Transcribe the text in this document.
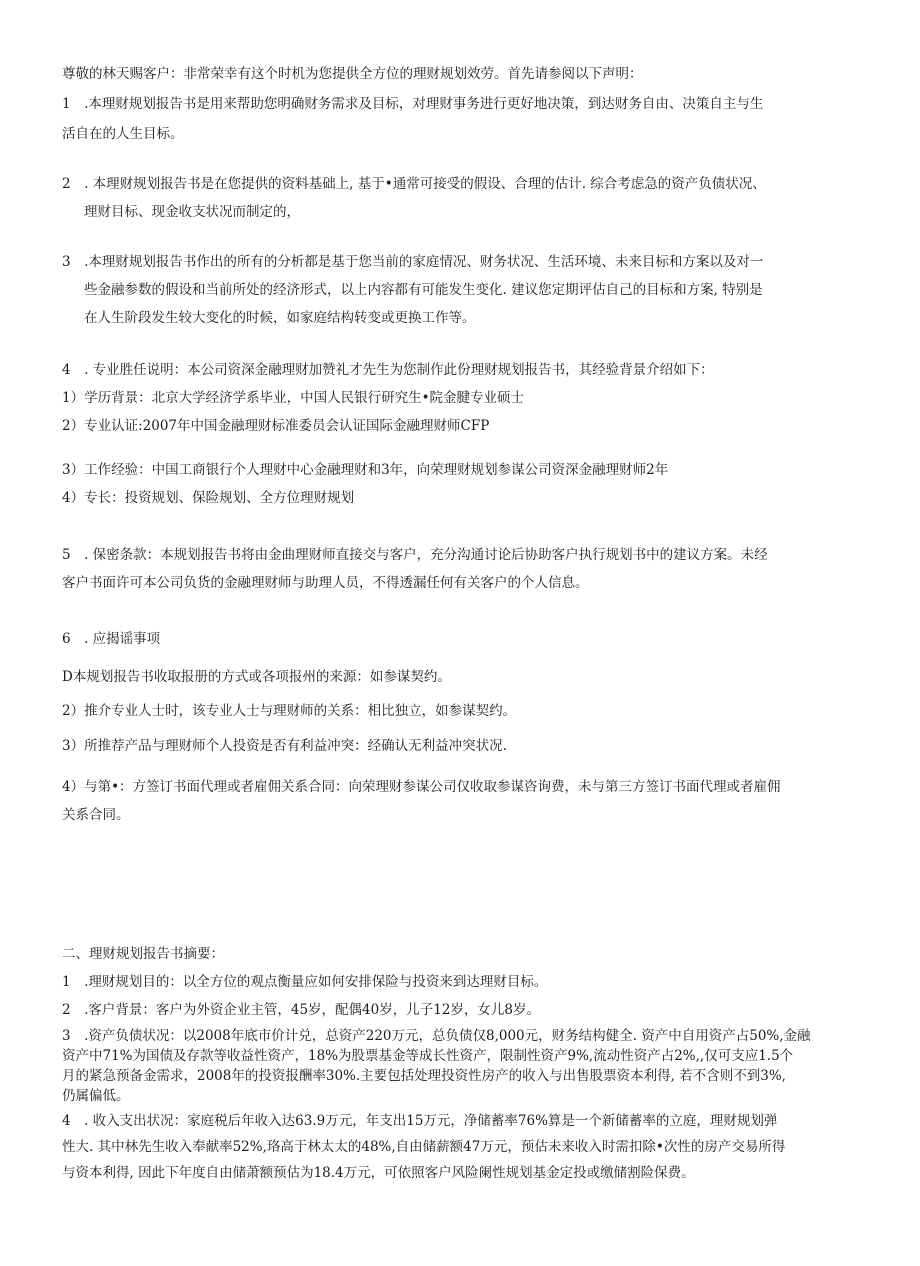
尊敬的林天赐客户：非常荣幸有这个时机为您提供全方位的理财规划效劳。首先请参阅以下声明：
1　.本理财规划报告书是用来帮助您明确财务需求及目标，对理财事务进行更好地决策，到达财务自由、决策自主与生
活自在的人生目标。
2　. 本理财规划报告书是在您提供的资料基础上, 基于•通常可接受的假设、合理的估计. 综合考虑急的资产负债状况、
理财目标、现金收支状况而制定的，
3　.本理财规划报告书作出的所有的分析都是基于您当前的家庭情况、财务状况、生活环境、未来目标和方案以及对一
些金融参数的假设和当前所处的经济形式，以上内容都有可能发生变化. 建议您定期评估自己的目标和方案, 特别是
在人生阶段发生较大变化的时候，如家庭结构转变或更换工作等。
4　. 专业胜任说明：本公司资深金融理财加赞礼才先生为您制作此份理财规划报告书，其经验背景介绍如下：
1）学历背景：北京大学经济学系毕业，中国人民银行研究生•院金腱专业硕士
2）专业认证:2007年中国金融理财标准委员会认证国际金融理财师CFP
3）工作经验：中国工商银行个人理财中心金融理财和3年，向荣理财规划参谋公司资深金融理财师2年
4）专长：投资规划、保险规划、全方位理财规划
5　. 保密条款：本规划报告书将由金曲理财师直接交与客户，充分沟通讨论后协助客户执行规划书中的建议方案。未经
客户书面许可本公司负货的金融理财师与助理人员，不得透漏任何有关客户的个人信息。
6　. 应揭谣事项
D本规划报告书收取报册的方式或各项报州的来源：如参谋契约。
2）推介专业人士时，该专业人士与理财师的关系：相比独立，如参谋契约。
3）所推荐产品与理财师个人投资是否有利益冲突：经确认无利益冲突状况.
4）与第•：方签订书面代理或者雇佣关系合同：向荣理财参谋公司仅收取参谋咨询费，未与第三方签订书面代理或者雇佣
关系合同。
二、理财规划报告书摘要：
1　.理财规划目的：以全方位的观点衡量应如何安排保险与投资来到达理财目标。
2　.客户背景：客户为外资企业主管，45岁，配偶40岁，儿子12岁，女儿8岁。
3　.资产负债状况：以2008年底市价计兑，总资产220万元，总负债仅8,000元，财务结构健全. 资产中自用资产占50%,金融
资产中71%为国债及存款等收益性资产，18%为股票基金等成长性资产，限制性资产9%,流动性资产占2%,,仅可支应1.5个
月的紧急预备金需求，2008年的投资报酬率30%.主要包括处理投资性房产的收入与出售股票资本利得, 若不含则不到3%,
仍属偏低。
4　. 收入支出状况：家庭税后年收入达63.9万元，年支出15万元，净储蓄率76%算是一个新储蓄率的立庭，理财规划弹
性大. 其中林先生收入奉献率52%,珞高于林太太的48%,自由储薪额47万元，预估未来收入时需扣除•次性的房产交易所得
与资本利得, 因此下年度自由储萧额预估为18.4万元，可依照客户风险阑性规划基金定投或缴储割险保费。
